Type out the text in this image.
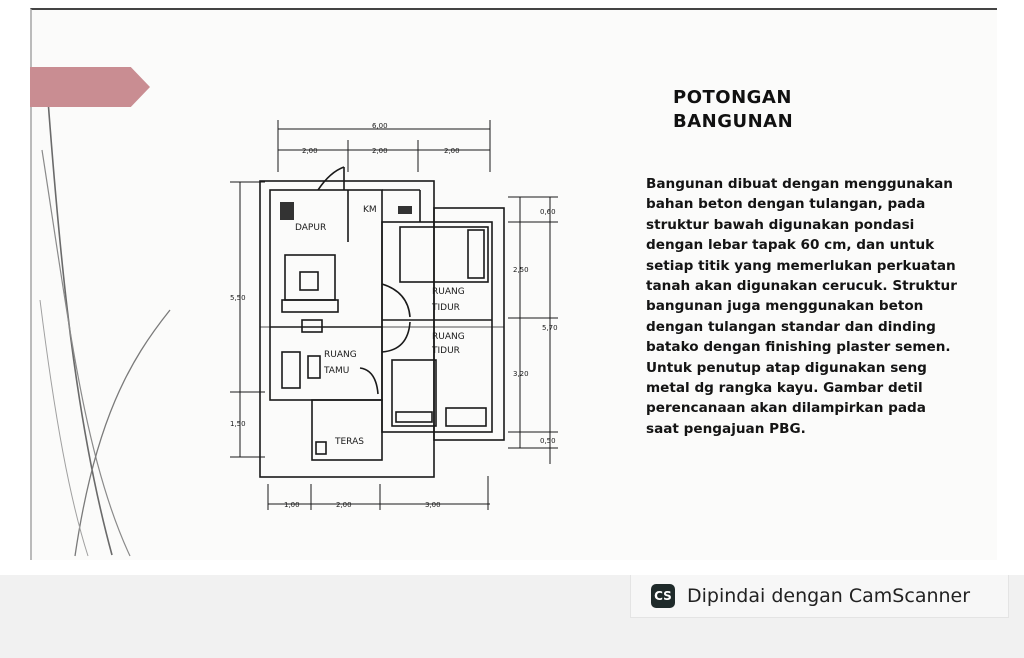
POTONGAN
BANGUNAN
Bangunan dibuat dengan menggunakan
bahan beton dengan tulangan, pada
struktur bawah digunakan pondasi
dengan lebar tapak 60 cm, dan untuk
setiap titik yang memerlukan perkuatan
tanah akan digunakan cerucuk. Struktur
bangunan juga menggunakan beton
dengan tulangan standar dan dinding
batako dengan finishing plaster semen.
Untuk penutup atap digunakan seng
metal dg rangka kayu. Gambar detil
perencanaan akan dilampirkan pada
saat pengajuan PBG.
DAPUR
KM
RUANG
TIDUR
RUANG
TIDUR
RUANG
TAMU
TERAS
6,00
2,00	2,00	2,00
5,50
1,50
0,60
2,50
5,70
3,20
0,50
1,00	2,00	3,00
CS Dipindai dengan CamScanner
